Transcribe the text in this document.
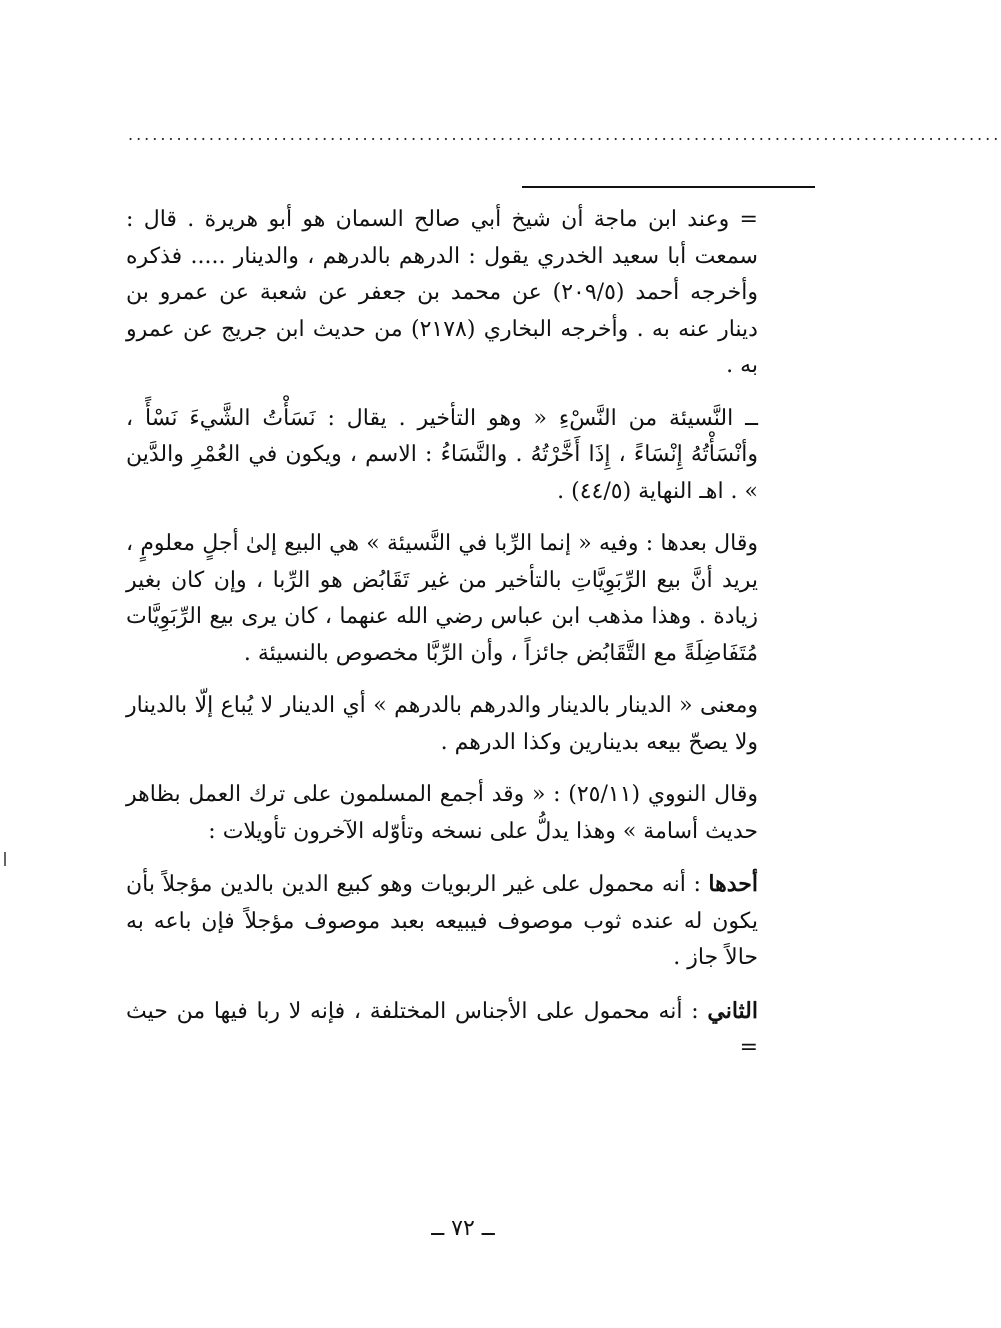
............................................................................................................

= وعند ابن ماجة أن شيخ أبي صالح السمان هو أبو هريرة . قال : سمعت أبا سعيد الخدري يقول : الدرهم بالدرهم ، والدينار ..... فذكره وأخرجه أحمد (٢٠٩/٥) عن محمد بن جعفر عن شعبة عن عمرو بن دينار عنه به . وأخرجه البخاري (٢١٧٨) من حديث ابن جريج عن عمرو به .

ــ النَّسيئة من النَّسْءِ « وهو التأخير . يقال : نَسَأْتُ الشَّيءَ نَسْأً ، وأنْسَأْتُهُ إِنْسَاءً ، إِذَا أَخَّرْتُهُ . والنَّسَاءُ : الاسم ، ويكون في العُمْرِ والدَّين » . اهـ النهاية (٤٤/٥) .

وقال بعدها : وفيه « إنما الرِّبا في النَّسيئة » هي البيع إلىٰ أجلٍ معلومٍ ، يريد أنَّ بيع الرِّبَوِيَّاتِ بالتأخير من غير تَقَابُض هو الرِّبا ، وإن كان بغير زيادة . وهذا مذهب ابن عباس رضي الله عنهما ، كان يرى بيع الرِّبَوِيَّات مُتَفَاضِلَةً مع التَّقَابُض جائزاً ، وأن الرِّبَّا مخصوص بالنسيئة .

ومعنى « الدينار بالدينار والدرهم بالدرهم » أي الدينار لا يُباع إلّا بالدينار ولا يصحّ بيعه بدينارين وكذا الدرهم .

وقال النووي (٢٥/١١) : « وقد أجمع المسلمون على ترك العمل بظاهر حديث أسامة » وهذا يدلُّ على نسخه وتأوّله الآخرون تأويلات :

أحدها : أنه محمول على غير الربويات وهو كبيع الدين بالدين مؤجلاً بأن يكون له عنده ثوب موصوف فيبيعه بعبد موصوف مؤجلاً فإن باعه به حالاً جاز .

الثاني : أنه محمول على الأجناس المختلفة ، فإنه لا ربا فيها من حيث =

ــ ٧٢ ــ
